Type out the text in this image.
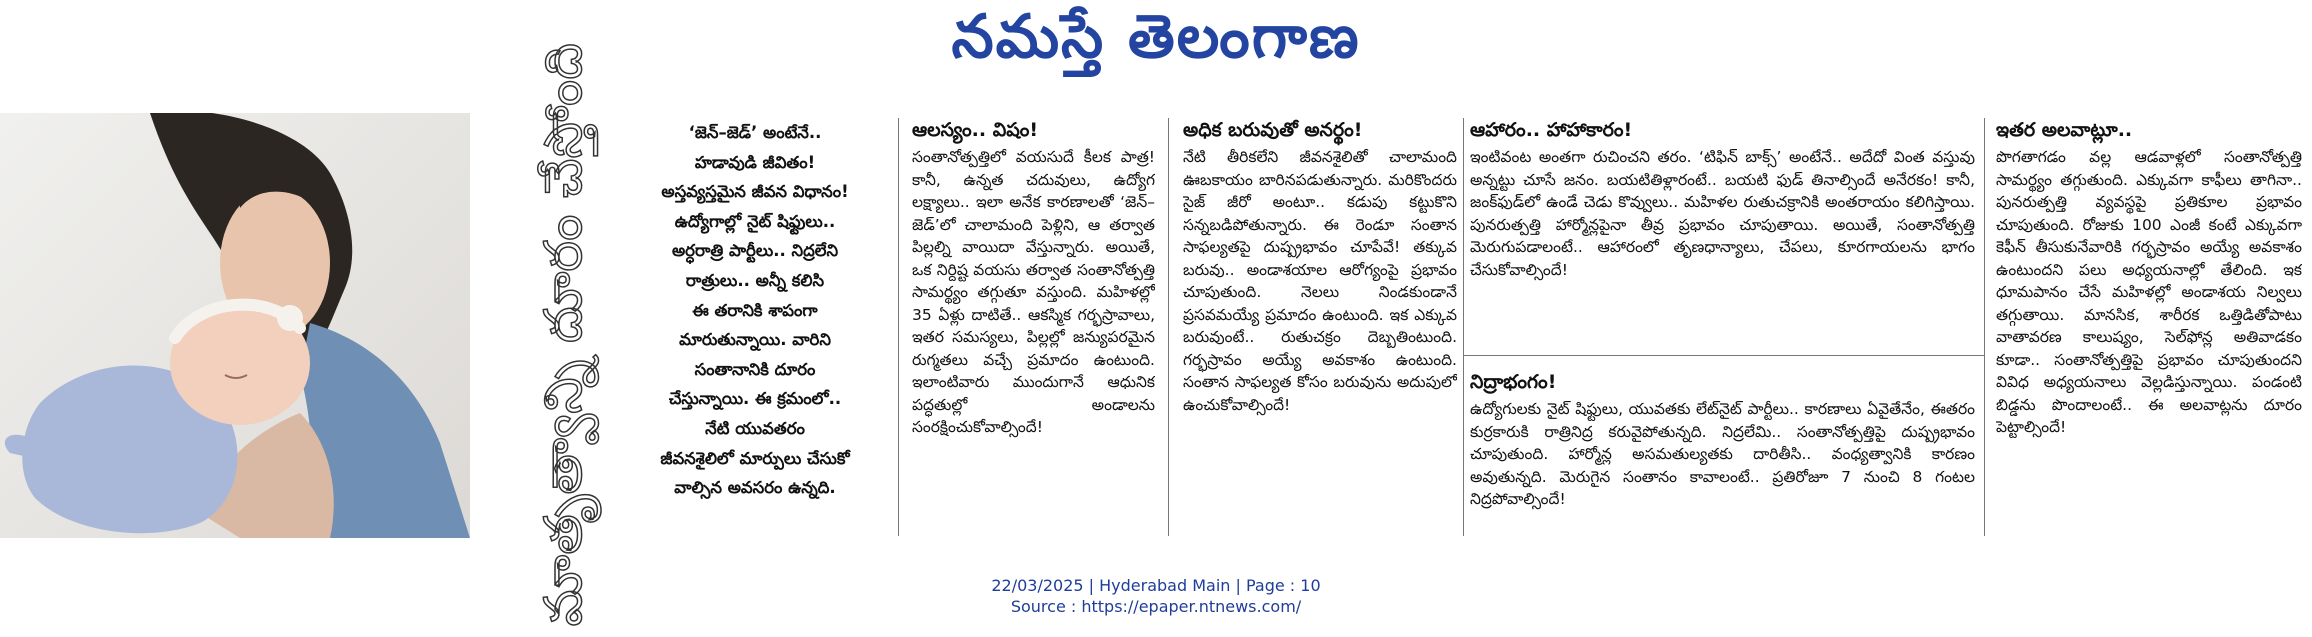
నమస్తే తెలంగాణ
మాతృత్వాన్ని దూరం చేస్తోంది	‘జెన్‌–జెడ్‌’ అంటేనే..
హడావుడి జీవితం!
అస్తవ్యస్తమైన జీవన విధానం!
ఉద్యోగాల్లో నైట్‌ షిఫ్టులు..
అర్ధరాత్రి పార్టీలు.. నిద్రలేని
రాత్రులు.. అన్నీ కలిసి
ఈ తరానికి శాపంగా
మారుతున్నాయి. వారిని
సంతానానికి దూరం
చేస్తున్నాయి. ఈ క్రమంలో..
నేటి యువతరం
జీవనశైలిలో మార్పులు చేసుకో
వాల్సిన అవసరం ఉన్నది.
ఆలస్యం.. విషం!

సంతానోత్పత్తిలో వయసుదే కీలక పాత్ర! కానీ, ఉన్నత చదువులు, ఉద్యోగ లక్ష్యాలు.. ఇలా అనేక కారణాలతో ‘జెన్‌–జెడ్‌’లో చాలామంది పెళ్లిని, ఆ తర్వాత పిల్లల్ని వాయిదా వేస్తున్నారు. అయితే, ఒక నిర్దిష్ట వయసు తర్వాత సంతానోత్పత్తి సామర్థ్యం తగ్గుతూ వస్తుంది. మహిళల్లో 35 ఏళ్లు దాటితే.. ఆకస్మిక గర్భస్రావాలు, ఇతర సమస్యలు, పిల్లల్లో జన్యుపరమైన రుగ్మతలు వచ్చే ప్రమాదం ఉంటుంది. ఇలాంటివారు ముందుగానే ఆధునిక పద్ధతుల్లో అండాలను సంరక్షించుకోవాల్సిందే!

అధిక బరువుతో అనర్థం!

నేటి తీరికలేని జీవనశైలితో చాలామంది ఊబకాయం బారినపడుతున్నారు. మరికొందరు సైజ్‌ జీరో అంటూ.. కడుపు కట్టుకొని సన్నబడిపోతున్నారు. ఈ రెండూ సంతాన సాఫల్యతపై దుష్ప్రభావం చూపేవే! తక్కువ బరువు.. అండాశయాల ఆరోగ్యంపై ప్రభావం చూపుతుంది. నెలలు నిండకుండానే ప్రసవమయ్యే ప్రమాదం ఉంటుంది. ఇక ఎక్కువ బరువుంటే.. రుతుచక్రం దెబ్బతింటుంది. గర్భస్రావం అయ్యే అవకాశం ఉంటుంది. సంతాన సాఫల్యత కోసం బరువును అదుపులో ఉంచుకోవాల్సిందే!

ఆహారం.. హాహాకారం!

ఇంటివంట అంతగా రుచించని తరం. ‘టిఫిన్‌ బాక్స్‌’ అంటేనే.. అదేదో వింత వస్తువు అన్నట్టు చూసే జనం. బయటితిళ్లారంటే.. బయటి ఫుడ్‌ తినాల్సిందే అనేరకం! కానీ, జంక్‌ఫుడ్‌లో ఉండే చెడు కొవ్వులు.. మహిళల రుతుచక్రానికి అంతరాయం కలిగిస్తాయి. పునరుత్పత్తి హార్మోన్లపైనా తీవ్ర ప్రభావం చూపుతాయి. అయితే, సంతానోత్పత్తి మెరుగుపడాలంటే.. ఆహారంలో తృణధాన్యాలు, చేపలు, కూరగాయలను భాగం చేసుకోవాల్సిందే!

నిద్రాభంగం!

ఉద్యోగులకు నైట్‌ షిఫ్టులు, యువతకు లేట్‌నైట్‌ పార్టీలు.. కారణాలు ఏవైతేనేం, ఈతరం కుర్రకారుకి రాత్రినిద్ర కరువైపోతున్నది. నిద్రలేమి.. సంతానోత్పత్తిపై దుష్ప్రభావం చూపుతుంది. హార్మోన్ల అసమతుల్యతకు దారితీసి.. వంధ్యత్వానికి కారణం అవుతున్నది. మెరుగైన సంతానం కావాలంటే.. ప్రతిరోజూ 7 నుంచి 8 గంటల నిద్రపోవాల్సిందే!

ఇతర అలవాట్లూ..

పొగతాగడం వల్ల ఆడవాళ్లలో సంతానోత్పత్తి సామర్థ్యం తగ్గుతుంది. ఎక్కువగా కాఫీలు తాగినా.. పునరుత్పత్తి వ్యవస్థపై ప్రతికూల ప్రభావం చూపుతుంది. రోజుకు 100 ఎంజీ కంటే ఎక్కువగా కెఫీన్‌ తీసుకునేవారికి గర్భస్రావం అయ్యే అవకాశం ఉంటుందని పలు అధ్యయనాల్లో తేలింది. ఇక ధూమపానం చేసే మహిళల్లో అండాశయ నిల్వలు తగ్గుతాయి. మానసిక, శారీరక ఒత్తిడితోపాటు వాతావరణ కాలుష్యం, సెల్‌ఫోన్ల అతివాడకం కూడా.. సంతానోత్పత్తిపై ప్రభావం చూపుతుందని వివిధ అధ్యయనాలు వెల్లడిస్తున్నాయి. పండంటి బిడ్డను పొందాలంటే.. ఈ అలవాట్లను దూరం పెట్టాల్సిందే!

22/03/2025 | Hyderabad Main | Page : 10
Source : https://epaper.ntnews.com/
